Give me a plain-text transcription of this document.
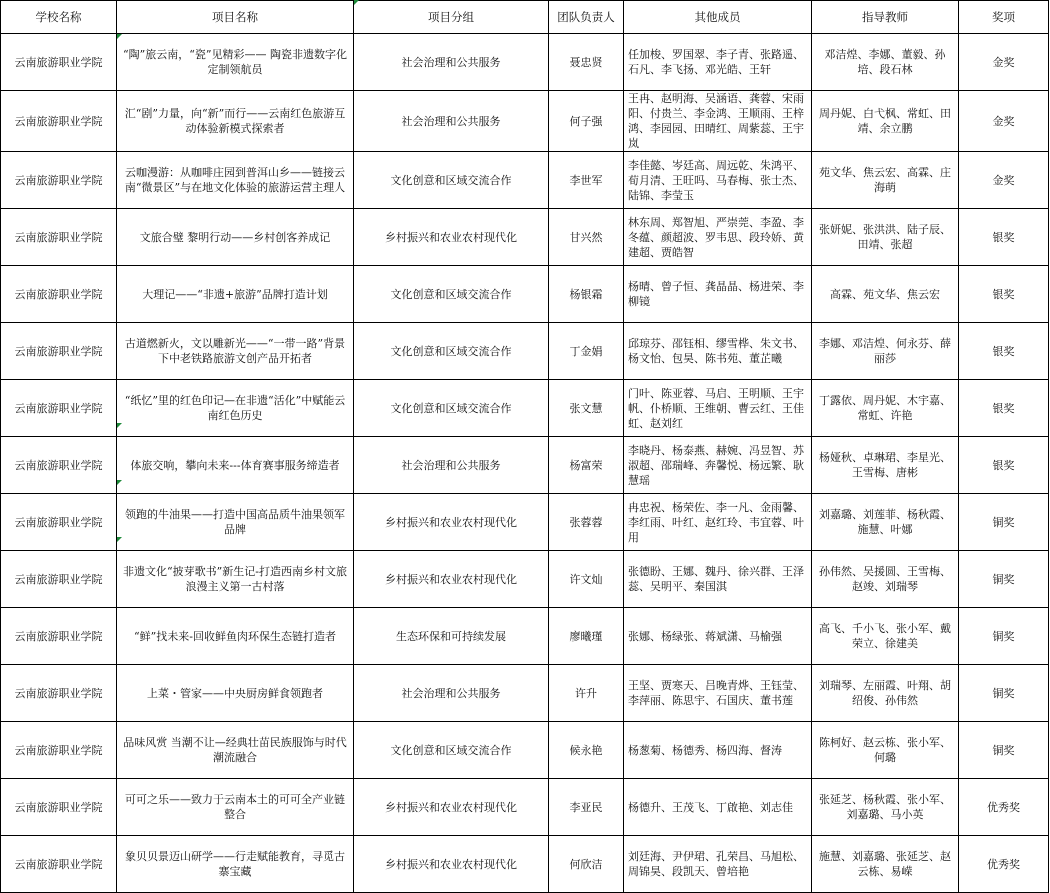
学校名称	项目名称	项目分组	团队负责人	其他成员	指导教师	奖项
云南旅游职业学院	“陶”旅云南，“瓷”见精彩—— 陶瓷非遗数字化定制领航员	社会治理和公共服务	聂忠贤	任加梭、罗国翠、李子青、张路遥、石凡、李飞扬、邓光皓、王轩	邓洁煌、李娜、董毅、孙培、段石林	金奖
云南旅游职业学院	汇“剧”力量，向“新”而行——云南红色旅游互动体验新模式探索者	社会治理和公共服务	何子强	王冉、赵明海、吴涵语、龚蓉、宋雨阳、付贵兰、李金鸿、王顺雨、王梓鸿、李园园、田晴红、周紫蕊、王宇岚	周丹妮、白弋枫、常虹、田靖、余立鹏	金奖
云南旅游职业学院	云咖漫游：从咖啡庄园到普洱山乡——链接云南“微景区”与在地文化体验的旅游运营主理人	文化创意和区域交流合作	李世军	李佳懿、岑廷高、周远乾、朱鸿平、荀月清、王旺吗、马春梅、张士杰、陆锦、李莹玉	苑文华、焦云宏、高霖、庄海萌	金奖
云南旅游职业学院	文旅合璧 黎明行动——乡村创客养成记	乡村振兴和农业农村现代化	甘兴然	林东周、郑智旭、严崇莞、李盈、李冬蕴、颜超波、罗韦思、段玲娇、黄建超、贾皓智	张妍妮、张洪洪、陆子辰、田靖、张超	银奖
云南旅游职业学院	大理记——“非遗+旅游”品牌打造计划	文化创意和区域交流合作	杨银霜	杨晴、曾子恒、龚晶晶、杨进荣、李柳镜	高霖、苑文华、焦云宏	银奖
云南旅游职业学院	古道燃新火，文以雕新光——“一带一路”背景下中老铁路旅游文创产品开拓者	文化创意和区域交流合作	丁金娟	邱琼芬、邵钰相、缪雪桦、朱文书、杨文怡、包昊、陈书苑、董芷曦	李娜、邓洁煌、何永芬、薛丽莎	银奖
云南旅游职业学院	“纸忆”里的红色印记—在非遗“活化”中赋能云南红色历史	文化创意和区域交流合作	张文慧	门叶、陈亚蓉、马启、王明顺、王宇帆、仆桥顺、王维朝、曹云红、王佳虹、赵刘红	丁露依、周丹妮、木宇嘉、常虹、许艳	银奖
云南旅游职业学院	体旅交响，攀向未来---体育赛事服务缔造者	社会治理和公共服务	杨富荣	李晓丹、杨泰燕、赫婉、冯昱智、苏淑超、邵瑞峰、奔馨悦、杨远繁、耿慧瑶	杨娅秋、卓琳珺、李星光、王雪梅、唐彬	银奖
云南旅游职业学院	领跑的牛油果——打造中国高品质牛油果领军品牌	乡村振兴和农业农村现代化	张蓉蓉	冉忠祝、杨荣佐、李一凡、金雨馨、李红雨、叶红、赵红玲、韦宜蓉、叶用	刘嘉璐、刘莲菲、杨秋霞、施慧、叶娜	铜奖
云南旅游职业学院	非遗文化“披芽歌书”新生记-打造西南乡村文旅浪漫主义第一古村落	乡村振兴和农业农村现代化	许文灿	张德盼、王娜、魏丹、徐兴群、王泽蕊、吴明平、秦国淇	孙伟然、吴援圆、王雪梅、赵竣、刘瑞琴	铜奖
云南旅游职业学院	“鲜”找未来-回收鲜鱼肉环保生态链打造者	生态环保和可持续发展	廖曦瑾	张娜、杨绿张、蒋斌潇、马榆强	高飞、千小飞、张小军、戴荣立、徐建美	铜奖
云南旅游职业学院	上菜・管家——中央厨房鲜食领跑者	社会治理和公共服务	许升	王坚、贾寒天、吕晚青烨、王钰莹、李萍丽、陈思宇、石国庆、董书莲	刘瑞琴、左丽霞、叶翔、胡绍俊、孙伟然	铜奖
云南旅游职业学院	品味风赏 当潮不让—经典壮苗民族服饰与时代潮流融合	文化创意和区域交流合作	候永艳	杨葱菊、杨德秀、杨四海、督涛	陈柯好、赵云栋、张小军、何璐	铜奖
云南旅游职业学院	可可之乐——致力于云南本土的可可全产业链整合	乡村振兴和农业农村现代化	李亚民	杨德升、王茂飞、丁啟艳、刘志佳	张延芝、杨秋霞、张小军、刘嘉璐、马小英	优秀奖
云南旅游职业学院	象贝贝景迈山研学——行走赋能教育，寻觅古寨宝藏	乡村振兴和农业农村现代化	何欣洁	刘廷海、尹伊珺、孔荣昌、马旭松、周锦昊、段凯天、曾培艳	施慧、刘嘉璐、张延芝、赵云栋、易嵘	优秀奖
